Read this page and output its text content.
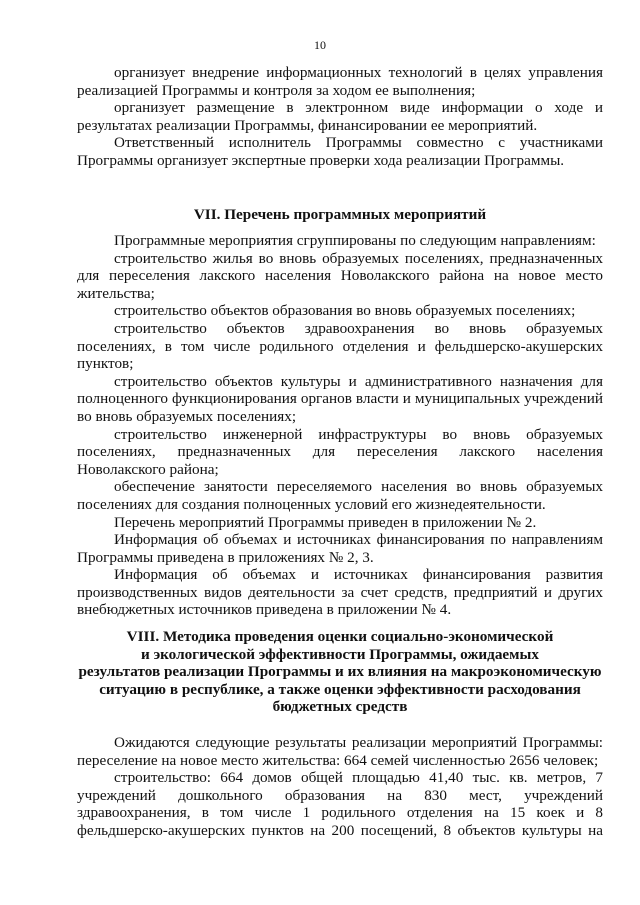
10

организует внедрение информационных технологий в целях управления реализацией Программы и контроля за ходом ее выполнения;

организует размещение в электронном виде информации о ходе и результатах реализации Программы, финансировании ее мероприятий.

Ответственный исполнитель Программы совместно с участниками Программы организует экспертные проверки хода реализации Программы.

VII. Перечень программных мероприятий

Программные мероприятия сгруппированы по следующим направлениям:

строительство жилья во вновь образуемых поселениях, предназначенных для переселения лакского населения Новолакского района на новое место жительства;

строительство объектов образования во вновь образуемых поселениях;

строительство объектов здравоохранения во вновь образуемых поселениях, в том числе родильного отделения и фельдшерско-акушерских пунктов;

строительство объектов культуры и административного назначения для полноценного функционирования органов власти и муниципальных учреждений во вновь образуемых поселениях;

строительство инженерной инфраструктуры во вновь образуемых поселениях, предназначенных для переселения лакского населения Новолакского района;

обеспечение занятости переселяемого населения во вновь образуемых поселениях для создания полноценных условий его жизнедеятельности.

Перечень мероприятий Программы приведен в приложении № 2.

Информация об объемах и источниках финансирования по направлениям Программы приведена в приложениях № 2, 3.

Информация об объемах и источниках финансирования развития производственных видов деятельности за счет средств, предприятий и других внебюджетных источников приведена в приложении № 4.

VIII. Методика проведения оценки социально-экономической
и экологической эффективности Программы, ожидаемых
результатов реализации Программы и их влияния на макроэкономическую
ситуацию в республике, а также оценки эффективности расходования
бюджетных средств

Ожидаются следующие результаты реализации мероприятий Программы: переселение на новое место жительства: 664 семей численностью 2656 человек;

строительство: 664 домов общей площадью 41,40 тыс. кв. метров, 7 учреждений дошкольного образования на 830 мест, учреждений здравоохранения, в том числе 1 родильного отделения на 15 коек и 8 фельдшерско-акушерских пунктов на 200 посещений, 8 объектов культуры на
